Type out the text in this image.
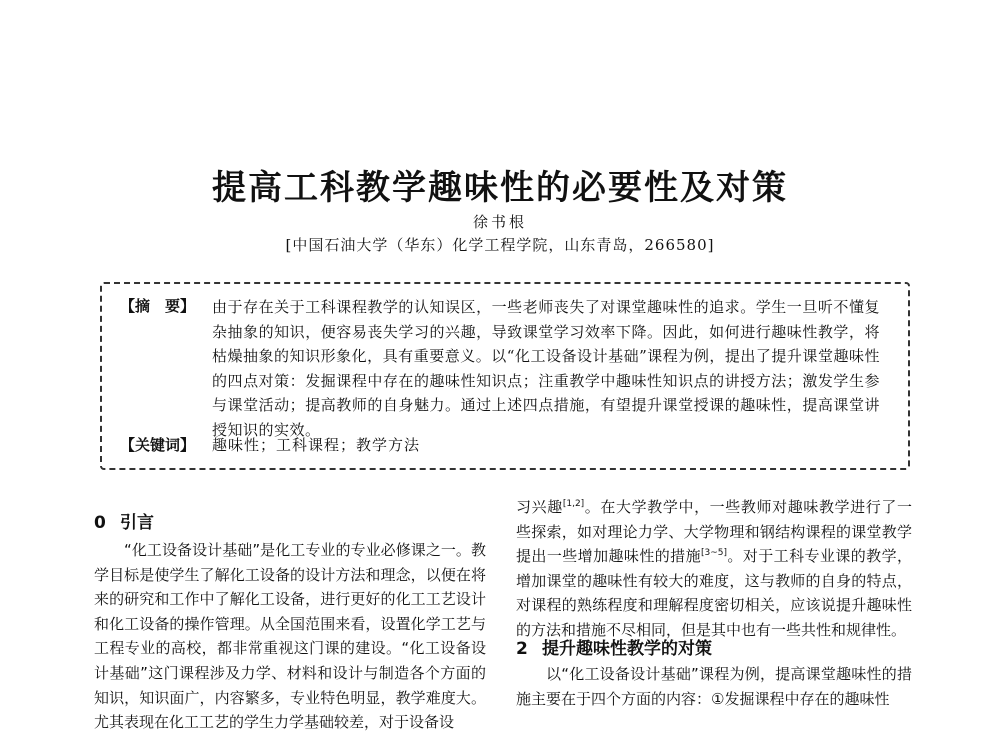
提高工科教学趣味性的必要性及对策
徐书根
[中国石油大学（华东）化学工程学院，山东青岛，266580]
【摘　要】 由于存在关于工科课程教学的认知误区，一些老师丧失了对课堂趣味性的追求。学生一旦听不懂复杂抽象的知识，便容易丧失学习的兴趣，导致课堂学习效率下降。因此，如何进行趣味性教学，将枯燥抽象的知识形象化，具有重要意义。以“化工设备设计基础”课程为例，提出了提升课堂趣味性的四点对策：发掘课程中存在的趣味性知识点；注重教学中趣味性知识点的讲授方法；激发学生参与课堂活动；提高教师的自身魅力。通过上述四点措施，有望提升课堂授课的趣味性，提高课堂讲授知识的实效。
【关键词】 趣味性；工科课程；教学方法
0 引言
“化工设备设计基础”是化工专业的专业必修课之一。教学目标是使学生了解化工设备的设计方法和理念，以便在将来的研究和工作中了解化工设备，进行更好的化工工艺设计和化工设备的操作管理。从全国范围来看，设置化学工艺与工程专业的高校，都非常重视这门课的建设。“化工设备设计基础”这门课程涉及力学、材料和设计与制造各个方面的知识，知识面广，内容繁多，专业特色明显，教学难度大。尤其表现在化工工艺的学生力学基础较差，对于设备设
习兴趣[1,2]。在大学教学中，一些教师对趣味教学进行了一些探索，如对理论力学、大学物理和钢结构课程的课堂教学提出一些增加趣味性的措施[3~5]。对于工科专业课的教学，增加课堂的趣味性有较大的难度，这与教师的自身的特点，对课程的熟练程度和理解程度密切相关，应该说提升趣味性的方法和措施不尽相同，但是其中也有一些共性和规律性。
2 提升趣味性教学的对策
以“化工设备设计基础”课程为例，提高课堂趣味性的措施主要在于四个方面的内容：①发掘课程中存在的趣味性
